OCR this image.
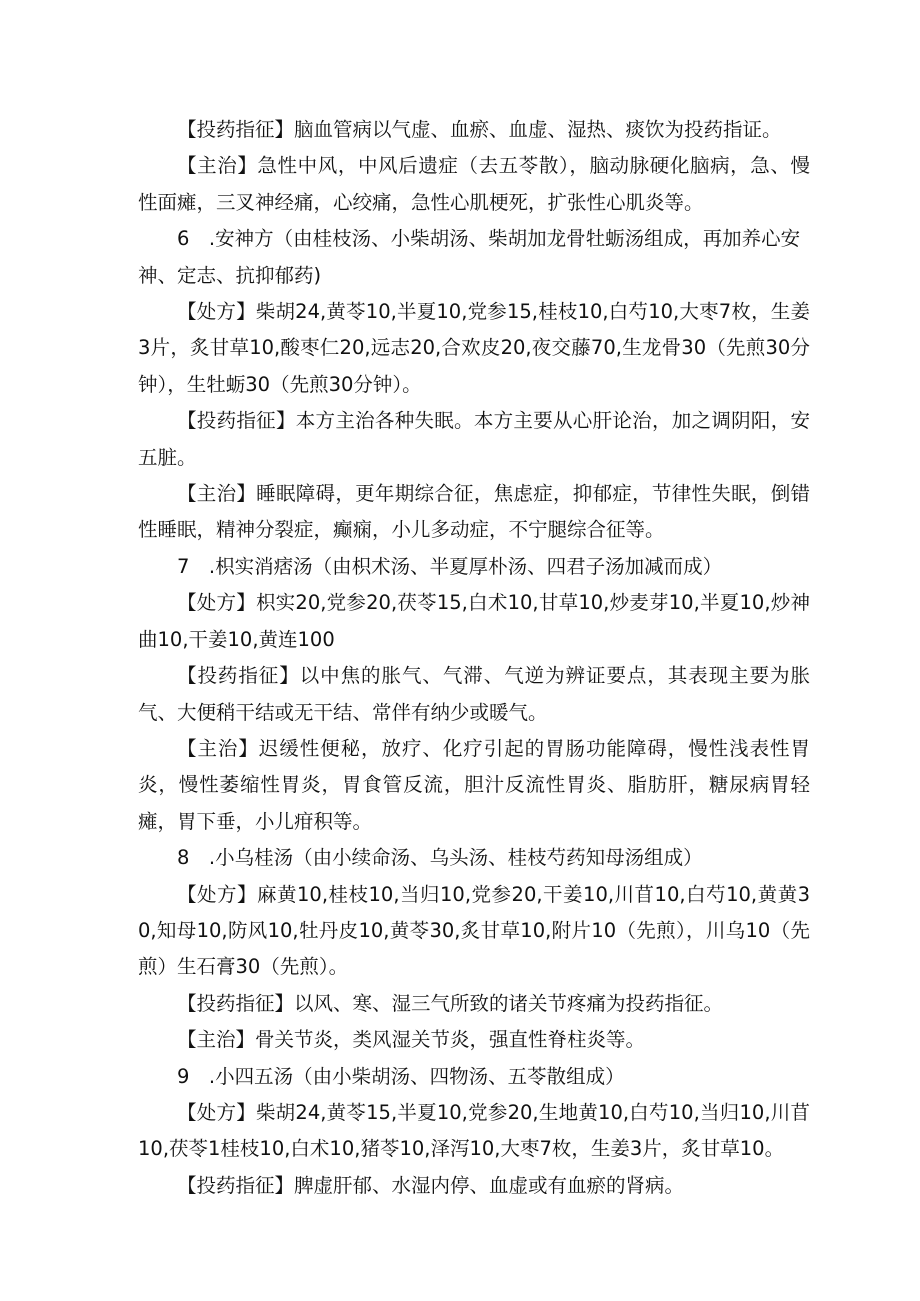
【投药指征】脑血管病以气虚、血瘀、血虚、湿热、痰饮为投药指证。

【主治】急性中风，中风后遗症（去五苓散），脑动脉硬化脑病，急、慢性面瘫，三叉神经痛，心绞痛，急性心肌梗死，扩张性心肌炎等。

6　.安神方（由桂枝汤、小柴胡汤、柴胡加龙骨牡蛎汤组成，再加养心安神、定志、抗抑郁药)

【处方】柴胡24,黄苓10,半夏10,党参15,桂枝10,白芍10,大枣7枚，生姜3片，炙甘草10,酸枣仁20,远志20,合欢皮20,夜交藤70,生龙骨30（先煎30分钟），生牡蛎30（先煎30分钟）。

【投药指征】本方主治各种失眠。本方主要从心肝论治，加之调阴阳，安五脏。

【主治】睡眠障碍，更年期综合征，焦虑症，抑郁症，节律性失眠，倒错性睡眠，精神分裂症，癫痫，小儿多动症，不宁腿综合征等。

7　.枳实消痞汤（由枳术汤、半夏厚朴汤、四君子汤加减而成）

【处方】枳实20,党参20,茯苓15,白术10,甘草10,炒麦芽10,半夏10,炒神曲10,干姜10,黄连100

【投药指征】以中焦的胀气、气滞、气逆为辨证要点，其表现主要为胀气、大便稍干结或无干结、常伴有纳少或暖气。

【主治】迟缓性便秘，放疗、化疗引起的胃肠功能障碍，慢性浅表性胃炎，慢性萎缩性胃炎，胃食管反流，胆汁反流性胃炎、脂肪肝，糖尿病胃轻瘫，胃下垂，小儿疳积等。

8　.小乌桂汤（由小续命汤、乌头汤、桂枝芍药知母汤组成）

【处方】麻黄10,桂枝10,当归10,党参20,干姜10,川苜10,白芍10,黄黄30,知母10,防风10,牡丹皮10,黄苓30,炙甘草10,附片10（先煎），川乌10（先煎）生石膏30（先煎）。

【投药指征】以风、寒、湿三气所致的诸关节疼痛为投药指征。

【主治】骨关节炎，类风湿关节炎，强直性脊柱炎等。

9　.小四五汤（由小柴胡汤、四物汤、五苓散组成）

【处方】柴胡24,黄苓15,半夏10,党参20,生地黄10,白芍10,当归10,川苜10,茯苓1桂枝10,白术10,猪苓10,泽泻10,大枣7枚，生姜3片，炙甘草10。

【投药指征】脾虚肝郁、水湿内停、血虚或有血瘀的肾病。
